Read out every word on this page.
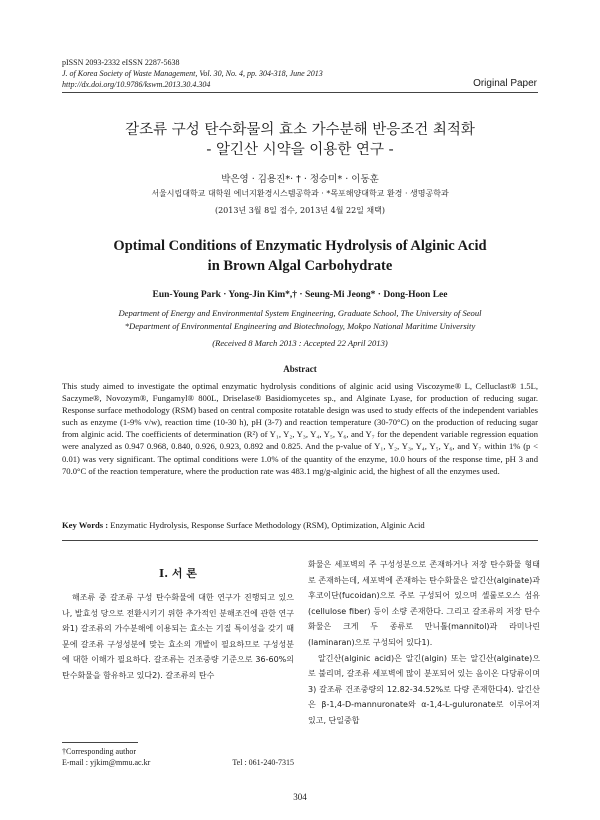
pISSN 2093-2332 eISSN 2287-5638
J. of Korea Society of Waste Management, Vol. 30, No. 4, pp. 304-318, June 2013
http://dx.doi.org/10.9786/kswm.2013.30.4.304	Original Paper
갈조류 구성 탄수화물의 효소 가수분해 반응조건 최적화
- 알긴산 시약을 이용한 연구 -
박은영 · 김용진*· † · 정승미* · 이동훈
서울시립대학교 대학원 에너지환경시스템공학과 · *목포해양대학교 환경 · 생명공학과
(2013년 3월 8일 접수, 2013년 4월 22일 채택)
Optimal Conditions of Enzymatic Hydrolysis of Alginic Acid
in Brown Algal Carbohydrate
Eun-Young Park · Yong-Jin Kim*,† · Seung-Mi Jeong* · Dong-Hoon Lee
Department of Energy and Environmental System Engineering, Graduate School, The University of Seoul
*Department of Environmental Engineering and Biotechnology, Mokpo National Maritime University
(Received 8 March 2013 : Accepted 22 April 2013)
Abstract
This study aimed to investigate the optimal enzymatic hydrolysis conditions of alginic acid using Viscozyme® L, Celluclast® 1.5L, Saczyme®, Novozym®, Fungamyl® 800L, Driselase® Basidiomycetes sp., and Alginate Lyase, for production of reducing sugar. Response surface methodology (RSM) based on central composite rotatable design was used to study effects of the independent variables such as enzyme (1-9% v/w), reaction time (10-30 h), pH (3-7) and reaction temperature (30-70°C) on the production of reducing sugar from alginic acid. The coefficients of determination (R²) of Y₁, Y₂, Y₃, Y₄, Y₅, Y₆, and Y₇ for the dependent variable regression equation were analyzed as 0.947 0.968, 0.840, 0.926, 0.923, 0.892 and 0.825. And the p-value of Y₁, Y₂, Y₃, Y₄, Y₅, Y₆, and Y₇ within 1% (p < 0.01) was very significant. The optimal conditions were 1.0% of the quantity of the enzyme, 10.0 hours of the response time, pH 3 and 70.0°C of the reaction temperature, where the production rate was 483.1 mg/g-alginic acid, the highest of all the enzymes used.
Key Words : Enzymatic Hydrolysis, Response Surface Methodology (RSM), Optimization, Alginic Acid
I. 서 론

해조류 중 갈조류 구성 탄수화물에 대한 연구가 진행되고 있으나, 발효성 당으로 전환시키기 위한 추가적인 분해조건에 관한 연구와1) 갈조류의 가수분해에 이용되는 효소는 기질 특이성을 갖기 때문에 갈조류 구성성분에 맞는 효소의 개발이 필요하므로 구성성분에 대한 이해가 필요하다. 갈조류는 건조중량 기준으로 36-60%의 탄수화물을 함유하고 있다2). 갈조류의 탄수

화물은 세포벽의 주 구성성분으로 존재하거나 저장 탄수화물 형태로 존재하는데, 세포벽에 존재하는 탄수화물은 알긴산(alginate)과 후코이단(fucoidan)으로 주로 구성되어 있으며 셀룰로오스 섬유(cellulose fiber) 등이 소량 존재한다. 그리고 갈조류의 저장 탄수화물은 크게 두 종류로 만니톨(mannitol)과 라미나린(laminaran)으로 구성되어 있다1).

알긴산(alginic acid)은 알긴(algin) 또는 알긴산(alginate)으로 불리며, 갈조류 세포벽에 많이 분포되어 있는 음이온 다당류이며3) 갈조류 건조중량의 12.82-34.52%로 다량 존재한다4). 알긴산은 β-1,4-D-mannuronate와 α-1,4-L-guluronate로 이루어져 있고, 단일중합

†Corresponding author
E-mail : yjkim@mmu.ac.kr	Tel : 061-240-7315
304
